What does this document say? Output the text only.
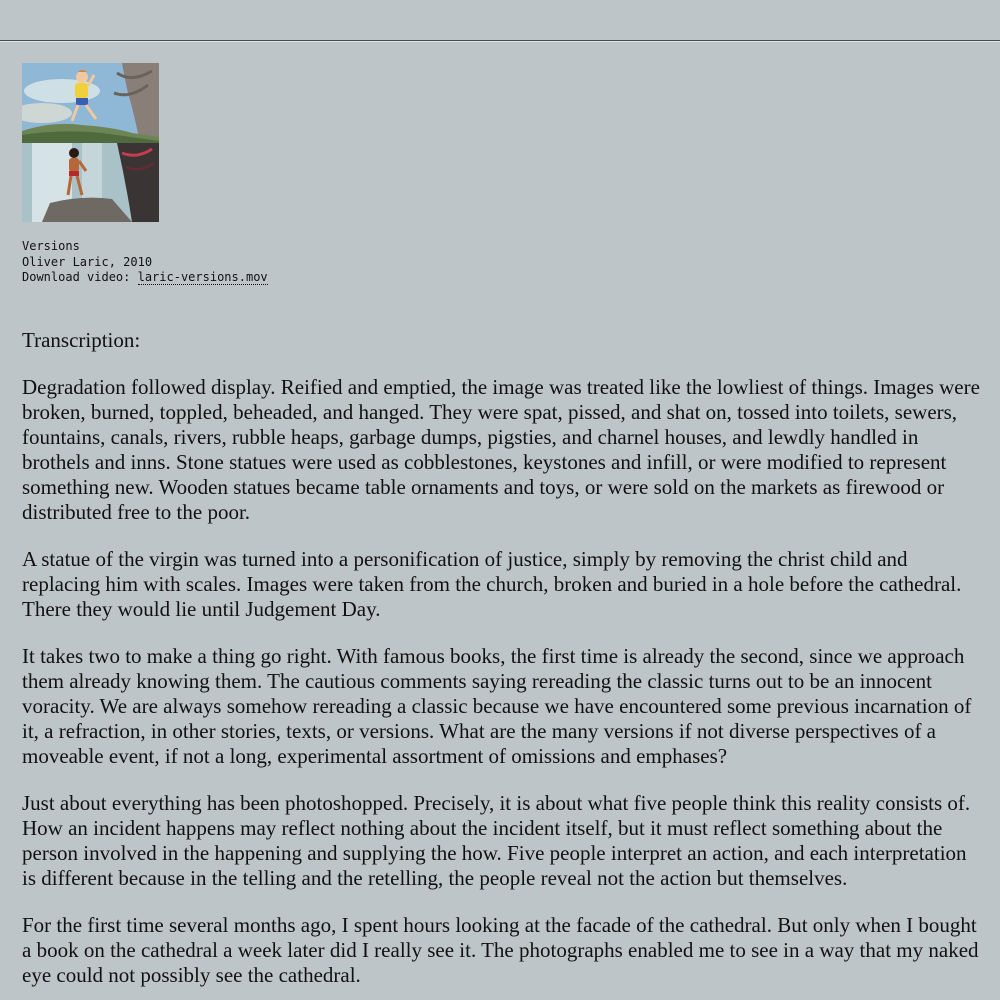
Versions
Oliver Laric, 2010
Download video: laric-versions.mov

Transcription:

Degradation followed display. Reified and emptied, the image was treated like the lowliest of things. Images were broken, burned, toppled, beheaded, and hanged. They were spat, pissed, and shat on, tossed into toilets, sewers, fountains, canals, rivers, rubble heaps, garbage dumps, pigsties, and charnel houses, and lewdly handled in brothels and inns. Stone statues were used as cobblestones, keystones and infill, or were modified to represent something new. Wooden statues became table ornaments and toys, or were sold on the markets as firewood or distributed free to the poor.

A statue of the virgin was turned into a personification of justice, simply by removing the christ child and replacing him with scales. Images were taken from the church, broken and buried in a hole before the cathedral. There they would lie until Judgement Day.

It takes two to make a thing go right. With famous books, the first time is already the second, since we approach them already knowing them. The cautious comments saying rereading the classic turns out to be an innocent voracity. We are always somehow rereading a classic because we have encountered some previous incarnation of it, a refraction, in other stories, texts, or versions. What are the many versions if not diverse perspectives of a moveable event, if not a long, experimental assortment of omissions and emphases?

Just about everything has been photoshopped. Precisely, it is about what five people think this reality consists of. How an incident happens may reflect nothing about the incident itself, but it must reflect something about the person involved in the happening and supplying the how. Five people interpret an action, and each interpretation is different because in the telling and the retelling, the people reveal not the action but themselves.

For the first time several months ago, I spent hours looking at the facade of the cathedral. But only when I bought a book on the cathedral a week later did I really see it. The photographs enabled me to see in a way that my naked eye could not possibly see the cathedral.
